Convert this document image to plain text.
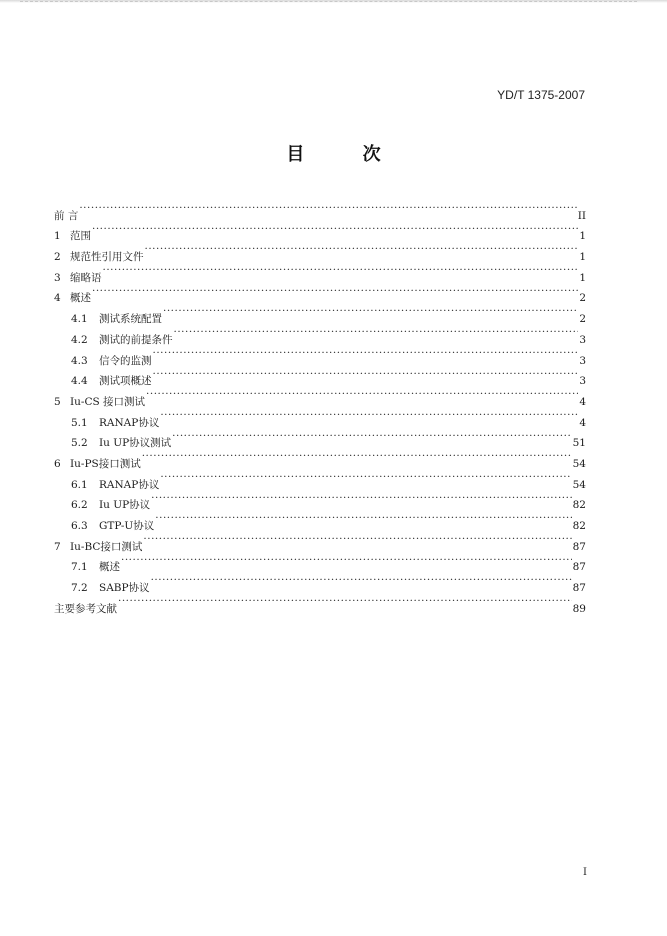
YD/T 1375-2007
目 次
前 言 ·····	II
1 范围 ·····	1
2 规范性引用文件 ·····	1
3 缩略语 ·····	1
4 概述 ·····	2
4.1	测试系统配置 ·····	2
4.2	测试的前提条件 ·····	3
4.3	信令的监测 ·····	3
4.4	测试项概述 ·····	3
5 Iu-CS 接口测试 ·····	4
5.1	RANAP协议 ·····	4
5.2	Iu UP协议测试 ·····	51
6 Iu-PS接口测试 ·····	54
6.1	RANAP协议 ·····	54
6.2	Iu UP协议 ·····	82
6.3	GTP-U协议 ·····	82
7 Iu-BC接口测试 ·····	87
7.1	概述 ·····	87
7.2	SABP协议 ·····	87
主要参考文献 ·····	89
I
